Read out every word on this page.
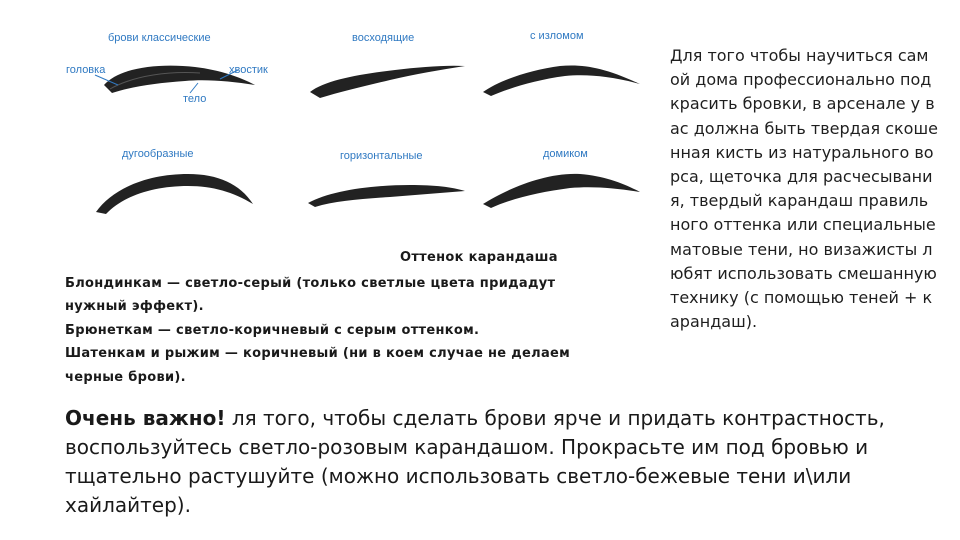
брови классические
головка	хвостик
тело
восходящие	с изломом
дугообразные	горизонтальные	домиком
Для того чтобы научиться самой дома профессионально подкрасить бровки, в арсенале у вас должна быть твердая скошенная кисть из натурального ворса, щеточка для расчесывания, твердый карандаш правильного оттенка или специальные матовые тени, но визажисты любят использовать смешанную технику (с помощью теней + карандаш).
Оттенок карандаша

Блондинкам — светло-серый (только светлые цвета придадут нужный эффект).

Брюнеткам — светло-коричневый с серым оттенком.

Шатенкам и рыжим — коричневый (ни в коем случае не делаем черные брови).

Очень важно! ля того, чтобы сделать брови ярче и придать контрастность, воспользуйтесь светло-розовым карандашом. Прокрасьте им под бровью и тщательно растушуйте (можно использовать светло-бежевые тени и\или хайлайтер).
